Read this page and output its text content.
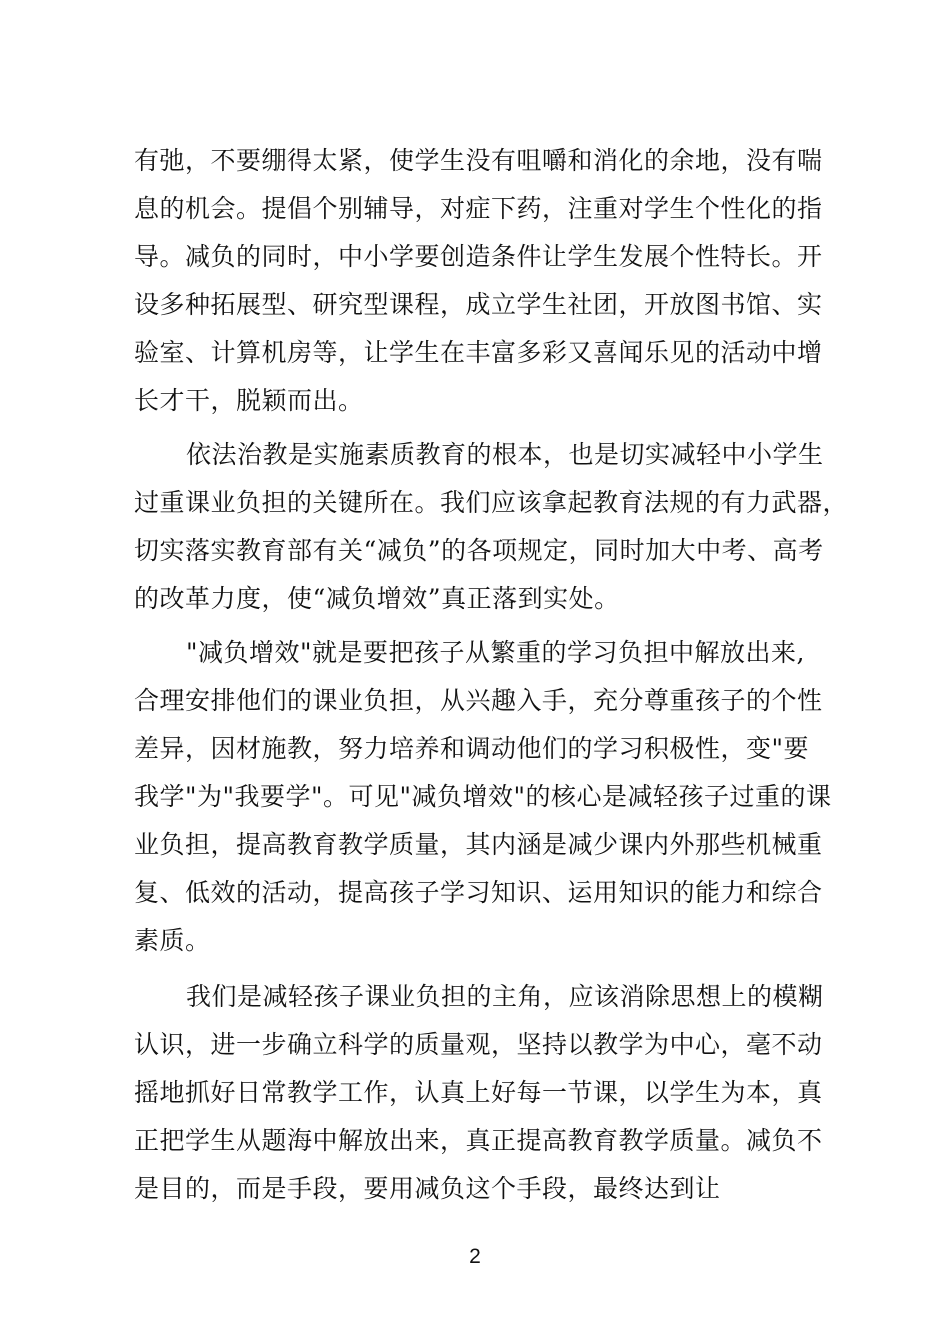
有弛，不要绷得太紧，使学生没有咀嚼和消化的余地，没有喘
息的机会。提倡个别辅导，对症下药，注重对学生个性化的指
导。减负的同时，中小学要创造条件让学生发展个性特长。开
设多种拓展型、研究型课程，成立学生社团，开放图书馆、实
验室、计算机房等，让学生在丰富多彩又喜闻乐见的活动中增
长才干，脱颖而出。
依法治教是实施素质教育的根本，也是切实减轻中小学生
过重课业负担的关键所在。我们应该拿起教育法规的有力武器，
切实落实教育部有关“减负”的各项规定，同时加大中考、高考
的改革力度，使“减负增效”真正落到实处。
"减负增效"就是要把孩子从繁重的学习负担中解放出来,
合理安排他们的课业负担，从兴趣入手，充分尊重孩子的个性
差异，因材施教，努力培养和调动他们的学习积极性，变"要
我学"为"我要学"。可见"减负增效"的核心是减轻孩子过重的课
业负担，提高教育教学质量，其内涵是减少课内外那些机械重
复、低效的活动，提高孩子学习知识、运用知识的能力和综合
素质。
我们是减轻孩子课业负担的主角，应该消除思想上的模糊
认识，进一步确立科学的质量观，坚持以教学为中心，毫不动
摇地抓好日常教学工作，认真上好每一节课，以学生为本，真
正把学生从题海中解放出来，真正提高教育教学质量。减负不
是目的，而是手段，要用减负这个手段，最终达到让
2
